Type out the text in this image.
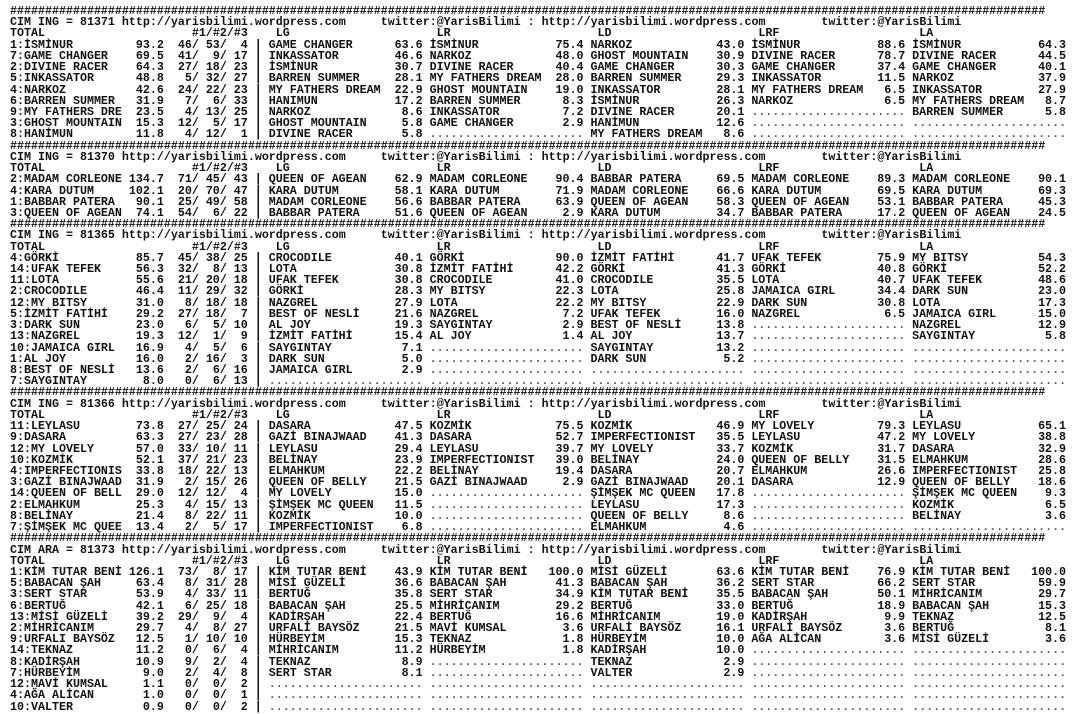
####################################################################################################################################################
CIM ING = 81371 http://yarisbilimi.wordpress.com     twitter:@YarisBilimi : http://yarisbilimi.wordpress.com        twitter:@YarisBilimi
TOTAL	#1/#2/#3 LG	LR	LD	LRF	LA
1:İSMİNUR	93.2 46/ 53/ 4 | GAME CHANGER	63.6 İSMİNUR	75.4 NARKOZ	43.0 İSMİNUR	88.6 İSMİNUR	64.3
7:GAME CHANGER 69.5 41/ 9/ 17 | INKASSATOR	46.6 NARKOZ	48.0 GHOST MOUNTAIN 30.9 DIVINE RACER	78.7 DIVINE RACER	44.5
2:DIVINE RACER 64.3 27/ 18/ 23 | İSMİNUR	30.7 DIVINE RACER	40.4 GAME CHANGER	30.3 GAME CHANGER	37.4 GAME CHANGER	40.1
5:INKASSATOR	48.8 5/ 32/ 27 | BARREN SUMMER	28.1 MY FATHERS DREAM 28.0 BARREN SUMMER	29.3 INKASSATOR	11.5 NARKOZ	37.9
4:NARKOZ	42.6 24/ 22/ 23 | MY FATHERS DREAM 22.9 GHOST MOUNTAIN 19.0 INKASSATOR	28.1 MY FATHERS DREAM 6.5 INKASSATOR	27.9
6:BARREN SUMMER 31.9 7/ 6/ 33 | HANIMUN	17.2 BARREN SUMMER	8.3 İSMİNUR	26.3 NARKOZ	6.5 MY FATHERS DREAM 8.7
9:MY FATHERS DRE 23.5 4/ 13/ 25 | NARKOZ	8.6 INKASSATOR	7.2 DIVINE RACER	20.1 ...................... BARREN SUMMER	5.8
3:GHOST MOUNTAIN 15.3 12/ 5/ 17 | GHOST MOUNTAIN	5.8 GAME CHANGER	2.9 HANİMUN	12.6 ...................... ......................
8:HANİMUN	11.8 4/ 12/ 1 | DIVINE RACER	5.8 ...................... MY FATHERS DREAM 8.6 ...................... ......................
####################################################################################################################################################
CIM ING = 81370 http://yarisbilimi.wordpress.com     twitter:@YarisBilimi : http://yarisbilimi.wordpress.com        twitter:@YarisBilimi
TOTAL	#1/#2/#3 LG	LR	LD	LRF	LA
2:MADAM CORLEONE 134.7 71/ 45/ 43 | QUEEN OF AGEAN 62.9 MADAM CORLEONE 90.4 BABBAR PATERA	69.5 MADAM CORLEONE 89.3 MADAM CORLEONE 90.1
4:KARA DUTUM	102.1 20/ 70/ 47 | KARA DUTUM	58.1 KARA DUTUM	71.9 MADAM CORLEONE 66.6 KARA DUTUM	69.5 KARA DUTUM	69.3
1:BABBAR PATERA 90.1 25/ 49/ 58 | MADAM CORLEONE 56.6 BABBAR PATERA	63.9 QUEEN OF AGEAN 58.3 QUEEN OF AGEAN 53.1 BABBAR PATERA	45.3
3:QUEEN OF AGEAN 74.1 54/ 6/ 22 | BABBAR PATERA	51.6 QUEEN OF AGEAN	2.9 KARA DUTUM	34.7 BABBAR PATERA	17.2 QUEEN OF AGEAN 24.5
####################################################################################################################################################
CIM ING = 81365 http://yarisbilimi.wordpress.com     twitter:@YarisBilimi : http://yarisbilimi.wordpress.com        twitter:@YarisBilimi
TOTAL	#1/#2/#3 LG	LR	LD	LRF	LA
4:GÖRKİ	85.7 45/ 38/ 25 | CROCODILE	40.1 GÖRKİ	90.0 İZMİT FATİHİ	41.7 UFAK TEFEK	75.9 MY BITSY	54.3
14:UFAK TEFEK	56.3 32/ 8/ 13 | LOTA	30.8 İZMİT FATİHİ	42.2 GÖRKİ	41.3 GÖRKİ	40.8 GÖRKİ	52.2
11:LOTA	55.6 21/ 20/ 18 | UFAK TEFEK	30.8 CROCODILE	41.0 CROCODILE	35.5 LOTA	40.7 UFAK TEFEK	48.6
2:CROCODILE	46.4 11/ 29/ 32 | GÖRKİ	28.3 MY BITSY	22.3 LOTA	25.8 JAMAICA GIRL	34.4 DARK SUN	23.0
12:MY BITSY	31.0 8/ 18/ 18 | NAZGREL	27.9 LOTA	22.2 MY BITSY	22.9 DARK SUN	30.8 LOTA	17.3
5:İZMİT FATİHİ 29.2 27/ 18/ 7 | BEST OF NESLİ	21.6 NAZGREL	7.2 UFAK TEFEK	16.0 NAZGREL	6.5 JAMAICA GIRL	15.0
3:DARK SUN	23.0 6/ 5/ 10 | AL JOY	19.3 SAYGINTAY	2.9 BEST OF NESLİ	13.8 ...................... NAZGREL	12.9
13:NAZGREL	19.3 12/ 1/ 9 | İZMİT FATİHİ	15.4 AL JOY	1.4 AL JOY	13.7 ...................... SAYGINTAY	5.8
10:JAMAICA GIRL 16.9 4/ 5/ 6 | SAYGINTAY	7.1 ...................... SAYGINTAY	13.2 ...................... ......................
1:AL JOY	16.0 2/ 16/ 3 | DARK SUN	5.0 ...................... DARK SUN	5.2 ...................... ......................
8:BEST OF NESLİ 13.6 2/ 6/ 16 | JAMAICA GIRL	2.9 ...................... ...................... ...................... ......................
7:SAYGINTAY	8.0 0/ 6/ 13 | ...................... ...................... ...................... ...................... ......................
####################################################################################################################################################
CIM ING = 81366 http://yarisbilimi.wordpress.com     twitter:@YarisBilimi : http://yarisbilimi.wordpress.com        twitter:@YarisBilimi
TOTAL	#1/#2/#3 LG	LR	LD	LRF	LA
11:LEYLASU	73.8 27/ 25/ 24 | DASARA	47.5 KOZMİK	75.5 KOZMİK	46.9 MY LOVELY	79.3 LEYLASU	65.1
9:DASARA	63.3 27/ 23/ 28 | GAZİ BINAJWAAD 41.3 DASARA	52.7 IMPERFECTIONIST 35.5 LEYLASU	47.2 MY LOVELY	38.8
12:MY LOVELY	57.0 33/ 10/ 11 | LEYLASU	29.4 LEYLASU	39.7 MY LOVELY	33.7 KOZMİK	31.7 DASARA	32.9
10:KOZMİK	52.1 37/ 21/ 23 | BELİNAY	23.9 IMPERFECTIONIST 39.0 BELİNAY	24.0 QUEEN OF BELLY 31.5 ELMAHKUM	28.6
4:IMPERFECTIONIS 33.8 18/ 22/ 13 | ELMAHKUM	22.2 BELİNAY	19.4 DASARA	20.7 ELMAHKUM	26.6 IMPERFECTIONIST 25.8
3:GAZİ BINAJWAAD 31.9 2/ 15/ 26 | QUEEN OF BELLY 21.5 GAZİ BINAJWAAD	2.9 GAZİ BINAJWAAD 20.1 DASARA	12.9 QUEEN OF BELLY 18.6
14:QUEEN OF BELL 29.0 12/ 12/ 4 | MY LOVELY	15.0 ...................... ŞİMŞEK MC QUEEN 17.8 ...................... ŞİMŞEK MC QUEEN 9.3
2:ELMAHKUM	25.3 4/ 15/ 13 | ŞİMŞEK MC QUEEN 11.5 ...................... LEYLASU	17.3 ...................... KOZMİK	6.5
8:BELİNAY	21.4 8/ 22/ 11 | KOZMİK	10.0 ...................... QUEEN OF BELLY	8.6 ...................... BELİNAY	3.6
7:ŞİMŞEK MC QUEE 13.4 2/ 5/ 17 | IMPERFECTIONIST 6.8 ...................... ELMAHKUM	4.6 ...................... ......................
####################################################################################################################################################
CIM ARA = 81373 http://yarisbilimi.wordpress.com     twitter:@YarisBilimi : http://yarisbilimi.wordpress.com        twitter:@YarisBilimi
TOTAL	#1/#2/#3 LG	LR	LD	LRF	LA
1:KİM TUTAR BENİ 126.1 73/ 8/ 17 | KİM TUTAR BENİ 43.9 KİM TUTAR BENİ 100.0 MİSİ GÜZELİ	63.6 KİM TUTAR BENİ 76.9 KİM TUTAR BENİ 100.0
5:BABACAN ŞAH	63.4 8/ 31/ 28 | MİSİ GÜZELİ	36.6 BABACAN ŞAH	41.3 BABACAN ŞAH	36.2 SERT STAR	66.2 SERT STAR	59.9
3:SERT STAR	53.9 4/ 33/ 11 | BERTUĞ	35.8 SERT STAR	34.9 KİM TUTAR BENİ 35.5 BABACAN ŞAH	50.1 MİHRİCANIM	29.7
6:BERTUĞ	42.1 6/ 25/ 18 | BABACAN ŞAH	25.5 MİHRİCANIM	29.2 BERTUĞ	33.0 BERTUĞ	18.9 BABACAN ŞAH	15.3
13:MİSİ GÜZELİ 39.2 29/ 9/ 4 | KADİRŞAH	22.4 BERTUĞ	16.6 MİHRİCANIM	19.0 KADİRŞAH	9.9 TEKNAZ	12.5
2:MİHRİCANIM	29.7 4/ 8/ 27 | URFALİ BAYSÖZ	21.5 MAVİ KUMSAL	3.6 URFALİ BAYSÖZ	16.1 URFALİ BAYSÖZ	3.6 BERTUĞ	8.1
9:URFALI BAYSÖZ 12.5 1/ 10/ 10 | HÜRBEYİM	15.3 TEKNAZ	1.8 HÜRBEYİM	10.0 AĞA ALİCAN	3.6 MİSİ GÜZELİ	3.6
14:TEKNAZ	11.2 0/ 6/ 4 | MİHRİCANIM	11.2 HÜRBEYİM	1.8 KADİRŞAH	10.0 ...................... ......................
8:KADİRŞAH	10.9 9/ 2/ 4 | TEKNAZ	8.9 ...................... TEKNAZ	2.9 ...................... ......................
7:HÜRBEYİM	9.0 2/ 4/ 8 | SERT STAR	8.1 ...................... VALTER	2.9 ...................... ......................
12:MAVİ KUMSAL	1.1 0/ 0/ 2 | ...................... ...................... ...................... ...................... ......................
4:AĞA ALİCAN	1.0 0/ 0/ 1 | ...................... ...................... ...................... ...................... ......................
10:VALTER	0.9 0/ 0/ 2 | ...................... ...................... ...................... ...................... ......................
